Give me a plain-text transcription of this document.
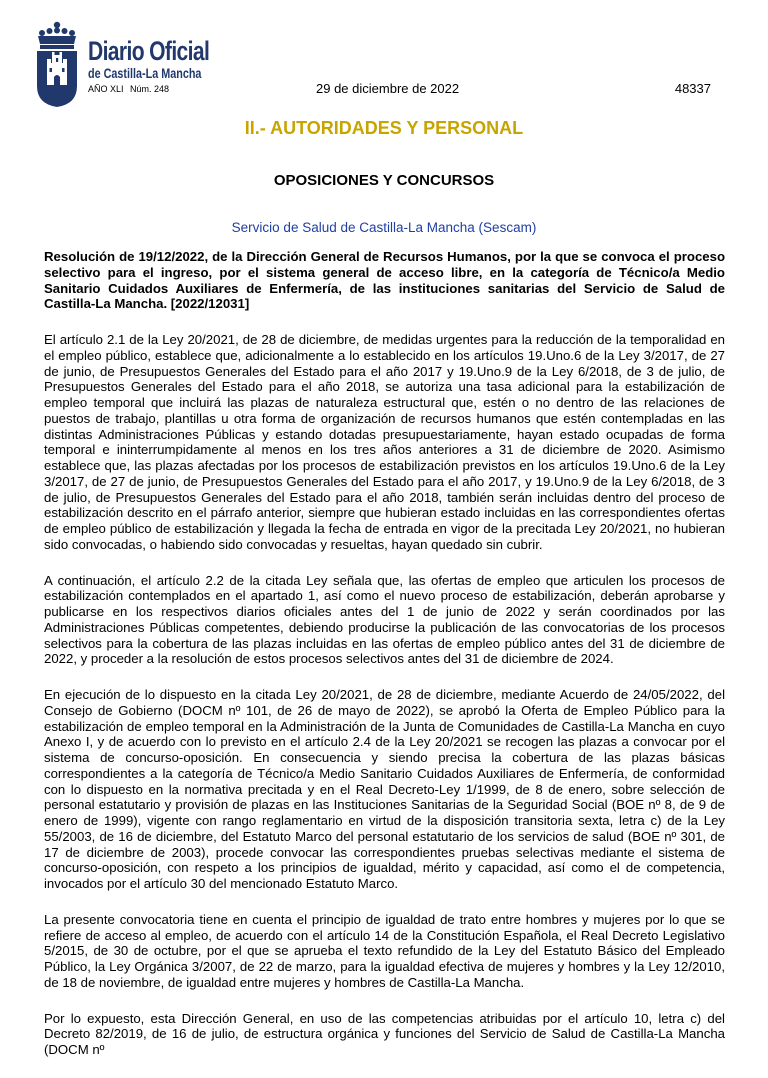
Diario Oficial
de Castilla-La Mancha
AÑO XLI Núm. 248	29 de diciembre de 2022	48337
II.- AUTORIDADES Y PERSONAL
OPOSICIONES Y CONCURSOS
Servicio de Salud de Castilla-La Mancha (Sescam)

Resolución de 19/12/2022, de la Dirección General de Recursos Humanos, por la que se convoca el proceso selectivo para el ingreso, por el sistema general de acceso libre, en la categoría de Técnico/a Medio Sanitario Cuidados Auxiliares de Enfermería, de las instituciones sanitarias del Servicio de Salud de Castilla-La Mancha. [2022/12031]

El artículo 2.1 de la Ley 20/2021, de 28 de diciembre, de medidas urgentes para la reducción de la temporalidad en el empleo público, establece que, adicionalmente a lo establecido en los artículos 19.Uno.6 de la Ley 3/2017, de 27 de junio, de Presupuestos Generales del Estado para el año 2017 y 19.Uno.9 de la Ley 6/2018, de 3 de julio, de Presupuestos Generales del Estado para el año 2018, se autoriza una tasa adicional para la estabilización de empleo temporal que incluirá las plazas de naturaleza estructural que, estén o no dentro de las relaciones de puestos de trabajo, plantillas u otra forma de organización de recursos humanos que estén contempladas en las distintas Administraciones Públicas y estando dotadas presupuestariamente, hayan estado ocupadas de forma temporal e ininterrumpidamente al menos en los tres años anteriores a 31 de diciembre de 2020. Asimismo establece que, las plazas afectadas por los procesos de estabilización previstos en los artículos 19.Uno.6 de la Ley 3/2017, de 27 de junio, de Presupuestos Generales del Estado para el año 2017, y 19.Uno.9 de la Ley 6/2018, de 3 de julio, de Presupuestos Generales del Estado para el año 2018, también serán incluidas dentro del proceso de estabilización descrito en el párrafo anterior, siempre que hubieran estado incluidas en las correspondientes ofertas de empleo público de estabilización y llegada la fecha de entrada en vigor de la precitada Ley 20/2021, no hubieran sido convocadas, o habiendo sido convocadas y resueltas, hayan quedado sin cubrir.

A continuación, el artículo 2.2 de la citada Ley señala que, las ofertas de empleo que articulen los procesos de estabilización contemplados en el apartado 1, así como el nuevo proceso de estabilización, deberán aprobarse y publicarse en los respectivos diarios oficiales antes del 1 de junio de 2022 y serán coordinados por las Administraciones Públicas competentes, debiendo producirse la publicación de las convocatorias de los procesos selectivos para la cobertura de las plazas incluidas en las ofertas de empleo público antes del 31 de diciembre de 2022, y proceder a la resolución de estos procesos selectivos antes del 31 de diciembre de 2024.

En ejecución de lo dispuesto en la citada Ley 20/2021, de 28 de diciembre, mediante Acuerdo de 24/05/2022, del Consejo de Gobierno (DOCM nº 101, de 26 de mayo de 2022), se aprobó la Oferta de Empleo Público para la estabilización de empleo temporal en la Administración de la Junta de Comunidades de Castilla-La Mancha en cuyo Anexo I, y de acuerdo con lo previsto en el artículo 2.4 de la Ley 20/2021 se recogen las plazas a convocar por el sistema de concurso-oposición. En consecuencia y siendo precisa la cobertura de las plazas básicas correspondientes a la categoría de Técnico/a Medio Sanitario Cuidados Auxiliares de Enfermería, de conformidad con lo dispuesto en la normativa precitada y en el Real Decreto-Ley 1/1999, de 8 de enero, sobre selección de personal estatutario y provisión de plazas en las Instituciones Sanitarias de la Seguridad Social (BOE nº 8, de 9 de enero de 1999), vigente con rango reglamentario en virtud de la disposición transitoria sexta, letra c) de la Ley 55/2003, de 16 de diciembre, del Estatuto Marco del personal estatutario de los servicios de salud (BOE nº 301, de 17 de diciembre de 2003), procede convocar las correspondientes pruebas selectivas mediante el sistema de concurso-oposición, con respeto a los principios de igualdad, mérito y capacidad, así como el de competencia, invocados por el artículo 30 del mencionado Estatuto Marco.

La presente convocatoria tiene en cuenta el principio de igualdad de trato entre hombres y mujeres por lo que se refiere de acceso al empleo, de acuerdo con el artículo 14 de la Constitución Española, el Real Decreto Legislativo 5/2015, de 30 de octubre, por el que se aprueba el texto refundido de la Ley del Estatuto Básico del Empleado Público, la Ley Orgánica 3/2007, de 22 de marzo, para la igualdad efectiva de mujeres y hombres y la Ley 12/2010, de 18 de noviembre, de igualdad entre mujeres y hombres de Castilla-La Mancha.

Por lo expuesto, esta Dirección General, en uso de las competencias atribuidas por el artículo 10, letra c) del Decreto 82/2019, de 16 de julio, de estructura orgánica y funciones del Servicio de Salud de Castilla-La Mancha (DOCM nº
